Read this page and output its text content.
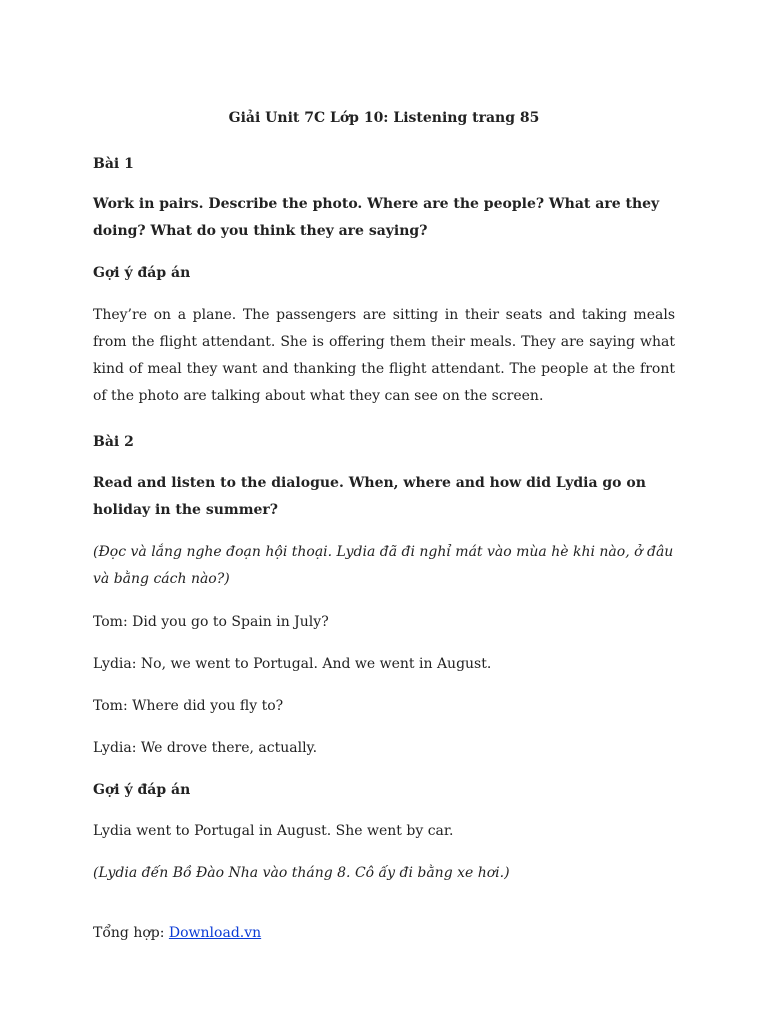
Giải Unit 7C Lớp 10: Listening trang 85

Bài 1

Work in pairs. Describe the photo. Where are the people? What are they doing? What do you think they are saying?

Gợi ý đáp án

They’re on a plane. The passengers are sitting in their seats and taking meals from the flight attendant. She is offering them their meals. They are saying what kind of meal they want and thanking the flight attendant. The people at the front of the photo are talking about what they can see on the screen.

Bài 2

Read and listen to the dialogue. When, where and how did Lydia go on holiday in the summer?

(Đọc và lắng nghe đoạn hội thoại. Lydia đã đi nghỉ mát vào mùa hè khi nào, ở đâu và bằng cách nào?)

Tom: Did you go to Spain in July?

Lydia: No, we went to Portugal. And we went in August.

Tom: Where did you fly to?

Lydia: We drove there, actually.

Gợi ý đáp án

Lydia went to Portugal in August. She went by car.

(Lydia đến Bồ Đào Nha vào tháng 8. Cô ấy đi bằng xe hơi.)

Tổng hợp: Download.vn
